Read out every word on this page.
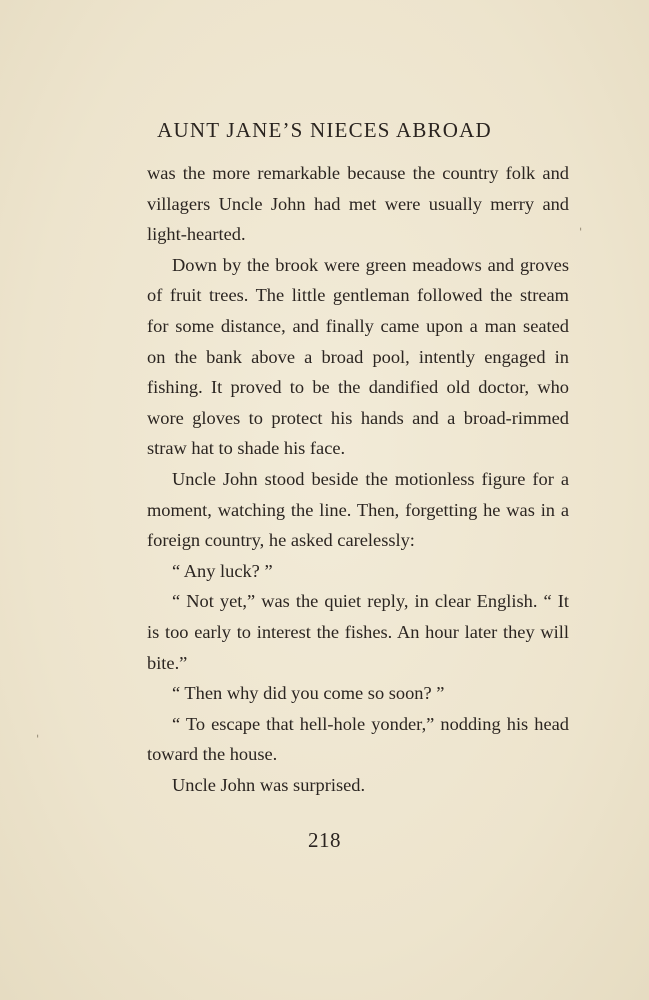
AUNT JANE’S NIECES ABROAD

was the more remarkable because the country folk and villagers Uncle John had met were usually merry and light-hearted.

Down by the brook were green meadows and groves of fruit trees. The little gentleman followed the stream for some distance, and finally came upon a man seated on the bank above a broad pool, intently engaged in fishing. It proved to be the dandified old doctor, who wore gloves to protect his hands and a broad-rimmed straw hat to shade his face.

Uncle John stood beside the motionless figure for a moment, watching the line. Then, forgetting he was in a foreign country, he asked carelessly:

“ Any luck? ”

“ Not yet,” was the quiet reply, in clear English. “ It is too early to interest the fishes. An hour later they will bite.”

“ Then why did you come so soon? ”

“ To escape that hell-hole yonder,” nodding his head toward the house.

Uncle John was surprised.

218
ˈ
ˈ
